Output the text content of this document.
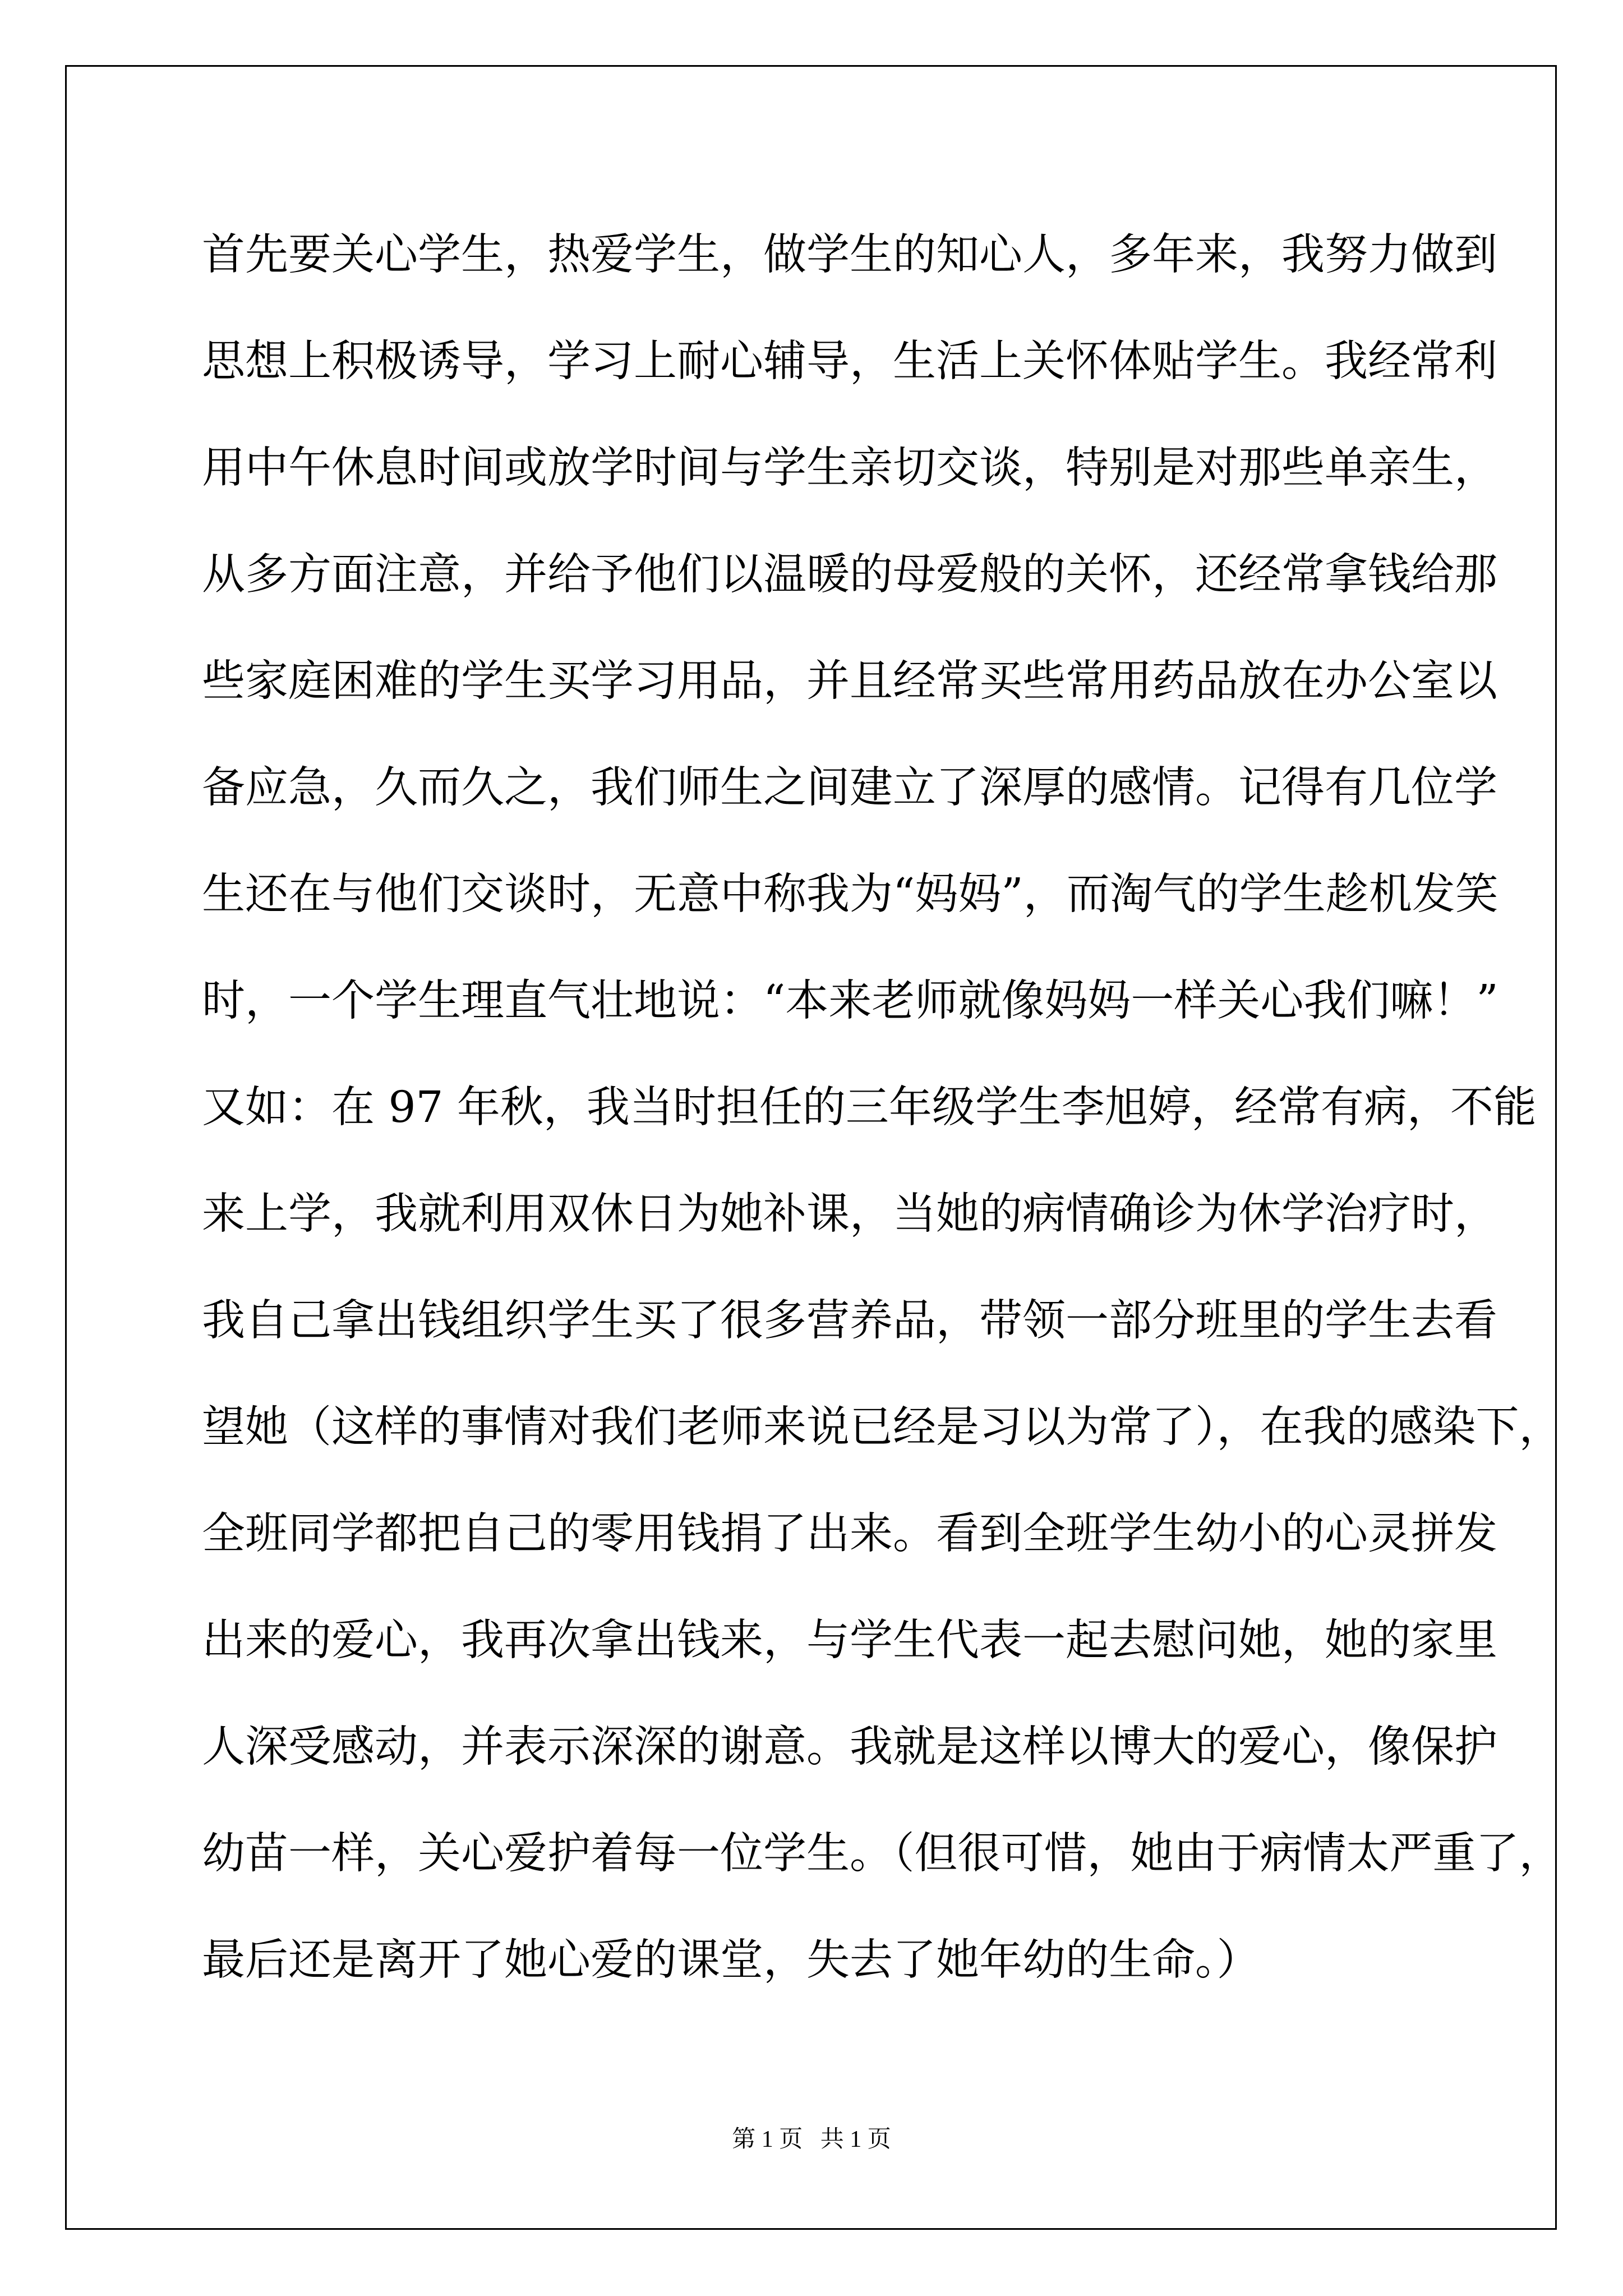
首先要关心学生，热爱学生，做学生的知心人，多年来，我努力做到
思想上积极诱导，学习上耐心辅导，生活上关怀体贴学生。我经常利
用中午休息时间或放学时间与学生亲切交谈，特别是对那些单亲生，
从多方面注意，并给予他们以温暖的母爱般的关怀，还经常拿钱给那
些家庭困难的学生买学习用品，并且经常买些常用药品放在办公室以
备应急，久而久之，我们师生之间建立了深厚的感情。记得有几位学
生还在与他们交谈时，无意中称我为“妈妈”，而淘气的学生趁机发笑
时，一个学生理直气壮地说：“本来老师就像妈妈一样关心我们嘛！”
又如：在 97 年秋，我当时担任的三年级学生李旭婷，经常有病，不能
来上学，我就利用双休日为她补课，当她的病情确诊为休学治疗时，
我自己拿出钱组织学生买了很多营养品，带领一部分班里的学生去看
望她（这样的事情对我们老师来说已经是习以为常了），在我的感染下，
全班同学都把自己的零用钱捐了出来。看到全班学生幼小的心灵拼发
出来的爱心，我再次拿出钱来，与学生代表一起去慰问她，她的家里
人深受感动，并表示深深的谢意。我就是这样以博大的爱心，像保护
幼苗一样，关心爱护着每一位学生。（但很可惜，她由于病情太严重了，
最后还是离开了她心爱的课堂，失去了她年幼的生命。）
第 1 页   共 1 页
